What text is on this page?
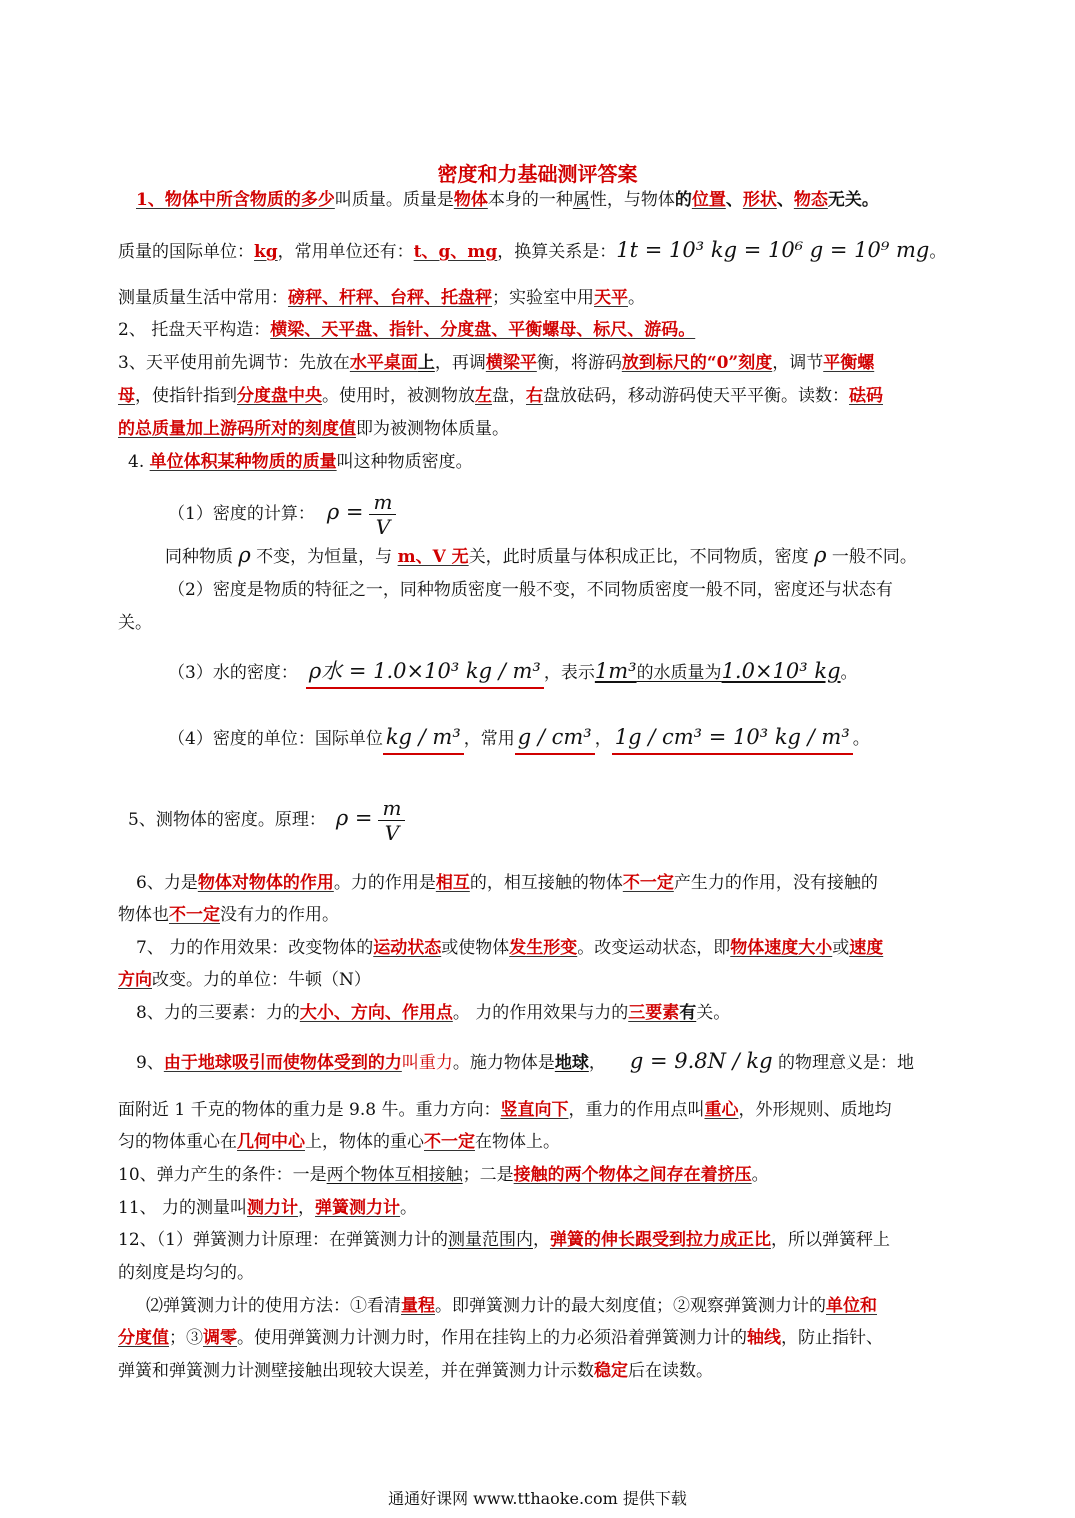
密度和力基础测评答案
1、物体中所含物质的多少叫质量。质量是物体本身的一种属性，与物体的位置、形状、物态无关。
质量的国际单位：kg，常用单位还有：t、g、mg，换算关系是：1t = 10³ kg = 10⁶ g = 10⁹ mg。
测量质量生活中常用：磅秤、杆秤、台秤、托盘秤；实验室中用天平。
2、 托盘天平构造：横梁、天平盘、指针、分度盘、平衡螺母、标尺、游码。
3、天平使用前先调节：先放在水平桌面上，再调横梁平衡，将游码放到标尺的“0”刻度，调节平衡螺
母，使指针指到分度盘中央。使用时，被测物放左盘，右盘放砝码，移动游码使天平平衡。读数：砝码
的总质量加上游码所对的刻度值即为被测物体质量。
4. 单位体积某种物质的质量叫这种物质密度。
（1）密度的计算： $\rho = \frac{m}{V}$
同种物质 ρ 不变，为恒量，与 m、V 无关，此时质量与体积成正比，不同物质，密度 ρ 一般不同。
（2）密度是物质的特征之一，同种物质密度一般不变，不同物质密度一般不同，密度还与状态有
关。
（3）水的密度： ρ水 = 1.0×10³ kg / m³ ，表示1m³的水质量为1.0×10³ kg。
（4）密度的单位：国际单位 kg / m³ ，常用 g / cm³ ， 1g / cm³ = 10³ kg / m³ 。
5、测物体的密度。原理： $\rho = \frac{m}{V}$
6、力是物体对物体的作用。力的作用是相互的，相互接触的物体不一定产生力的作用，没有接触的
物体也不一定没有力的作用。
7、 力的作用效果：改变物体的运动状态或使物体发生形变。改变运动状态，即物体速度大小或速度
方向改变。力的单位：牛顿（N）
8、力的三要素：力的大小、方向、作用点。 力的作用效果与力的三要素有关。
9、由于地球吸引而使物体受到的力叫重力。施力物体是地球， g = 9.8N / kg 的物理意义是：地
面附近 1 千克的物体的重力是 9.8 牛。重力方向：竖直向下，重力的作用点叫重心，外形规则、质地均
匀的物体重心在几何中心上，物体的重心不一定在物体上。
10、弹力产生的条件：一是两个物体互相接触；二是接触的两个物体之间存在着挤压。
11、 力的测量叫测力计，弹簧测力计。
12、（1）弹簧测力计原理：在弹簧测力计的测量范围内，弹簧的伸长跟受到拉力成正比，所以弹簧秤上
的刻度是均匀的。
⑵弹簧测力计的使用方法：①看清量程。即弹簧测力计的最大刻度值；②观察弹簧测力计的单位和
分度值；③调零。使用弹簧测力计测力时，作用在挂钩上的力必须沿着弹簧测力计的轴线，防止指针、
弹簧和弹簧测力计测壁接触出现较大误差，并在弹簧测力计示数稳定后在读数。
通通好课网 www.tthaoke.com 提供下载
